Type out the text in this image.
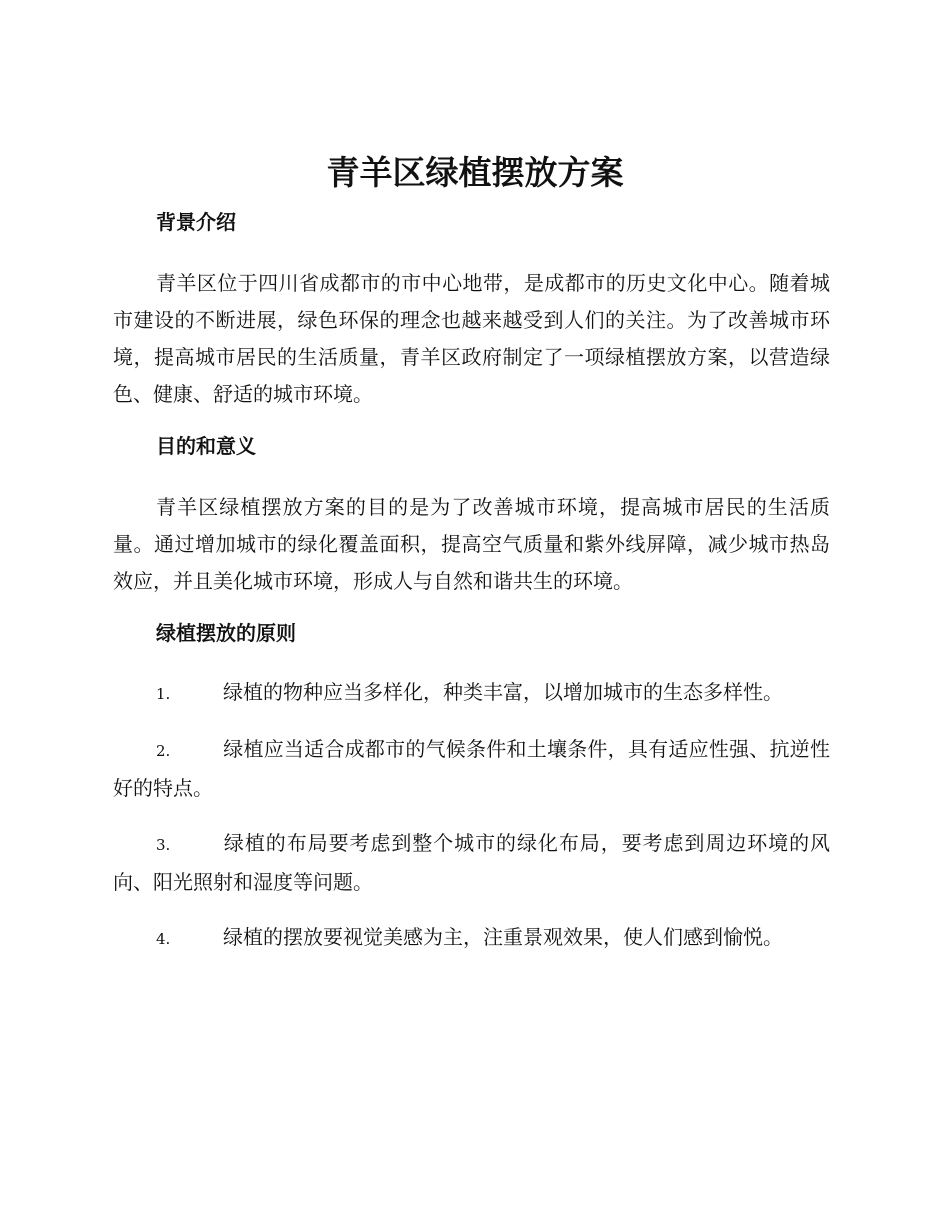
青羊区绿植摆放方案
背景介绍

青羊区位于四川省成都市的市中心地带，是成都市的历史文化中心。随着城市建设的不断进展，绿色环保的理念也越来越受到人们的关注。为了改善城市环境，提高城市居民的生活质量，青羊区政府制定了一项绿植摆放方案，以营造绿色、健康、舒适的城市环境。

目的和意义

青羊区绿植摆放方案的目的是为了改善城市环境，提高城市居民的生活质量。通过增加城市的绿化覆盖面积，提高空气质量和紫外线屏障，减少城市热岛效应，并且美化城市环境，形成人与自然和谐共生的环境。

绿植摆放的原则

1.	绿植的物种应当多样化，种类丰富，以增加城市的生态多样性。

2.	绿植应当适合成都市的气候条件和土壤条件，具有适应性强、抗逆性好的特点。

3.	绿植的布局要考虑到整个城市的绿化布局，要考虑到周边环境的风向、阳光照射和湿度等问题。

4.	绿植的摆放要视觉美感为主，注重景观效果，使人们感到愉悦。
